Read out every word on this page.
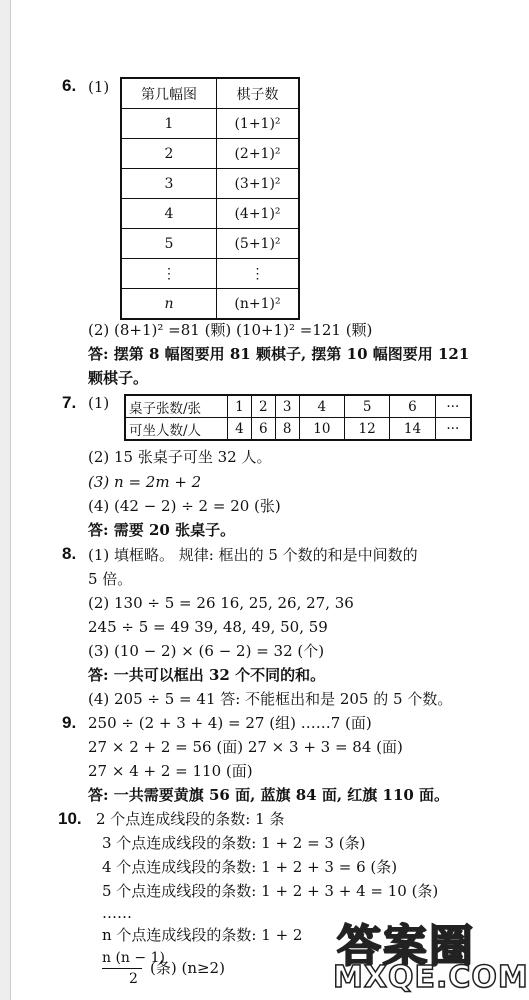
6. (1) 第几幅图	棋子数
1	(1+1)²
2	(2+1)²
3	(3+1)²
4	(4+1)²
5	(5+1)²
⋮	⋮
n	(n+1)²
(2) (8+1)² =81 (颗) (10+1)² =121 (颗)
答: 摆第 8 幅图要用 81 颗棋子, 摆第 10 幅图要用 121
颗棋子。
7. (1) 桌子张数/张	1	2	3	4	5	6	···
可坐人数/人	4	6	8	10	12	14	···
(2) 15 张桌子可坐 32 人。
(3) n = 2m + 2
(4) (42 − 2) ÷ 2 = 20 (张)
答: 需要 20 张桌子。
8. (1) 填框略。 规律: 框出的 5 个数的和是中间数的
5 倍。
(2) 130 ÷ 5 = 26 16, 25, 26, 27, 36
245 ÷ 5 = 49 39, 48, 49, 50, 59
(3) (10 − 2) × (6 − 2) = 32 (个)
答: 一共可以框出 32 个不同的和。
(4) 205 ÷ 5 = 41 答: 不能框出和是 205 的 5 个数。
9. 250 ÷ (2 + 3 + 4) = 27 (组) ……7 (面)
27 × 2 + 2 = 56 (面) 27 × 3 + 3 = 84 (面)
27 × 4 + 2 = 110 (面)
答: 一共需要黄旗 56 面, 蓝旗 84 面, 红旗 110 面。
10. 2 个点连成线段的条数: 1 条
3 个点连成线段的条数: 1 + 2 = 3 (条)
4 个点连成线段的条数: 1 + 2 + 3 = 6 (条)
5 个点连成线段的条数: 1 + 2 + 3 + 4 = 10 (条)
……
n 个点连成线段的条数: 1 + 2
n (n − 1)
2
(条) (n≥2)	答案圈
MXQE.COM
